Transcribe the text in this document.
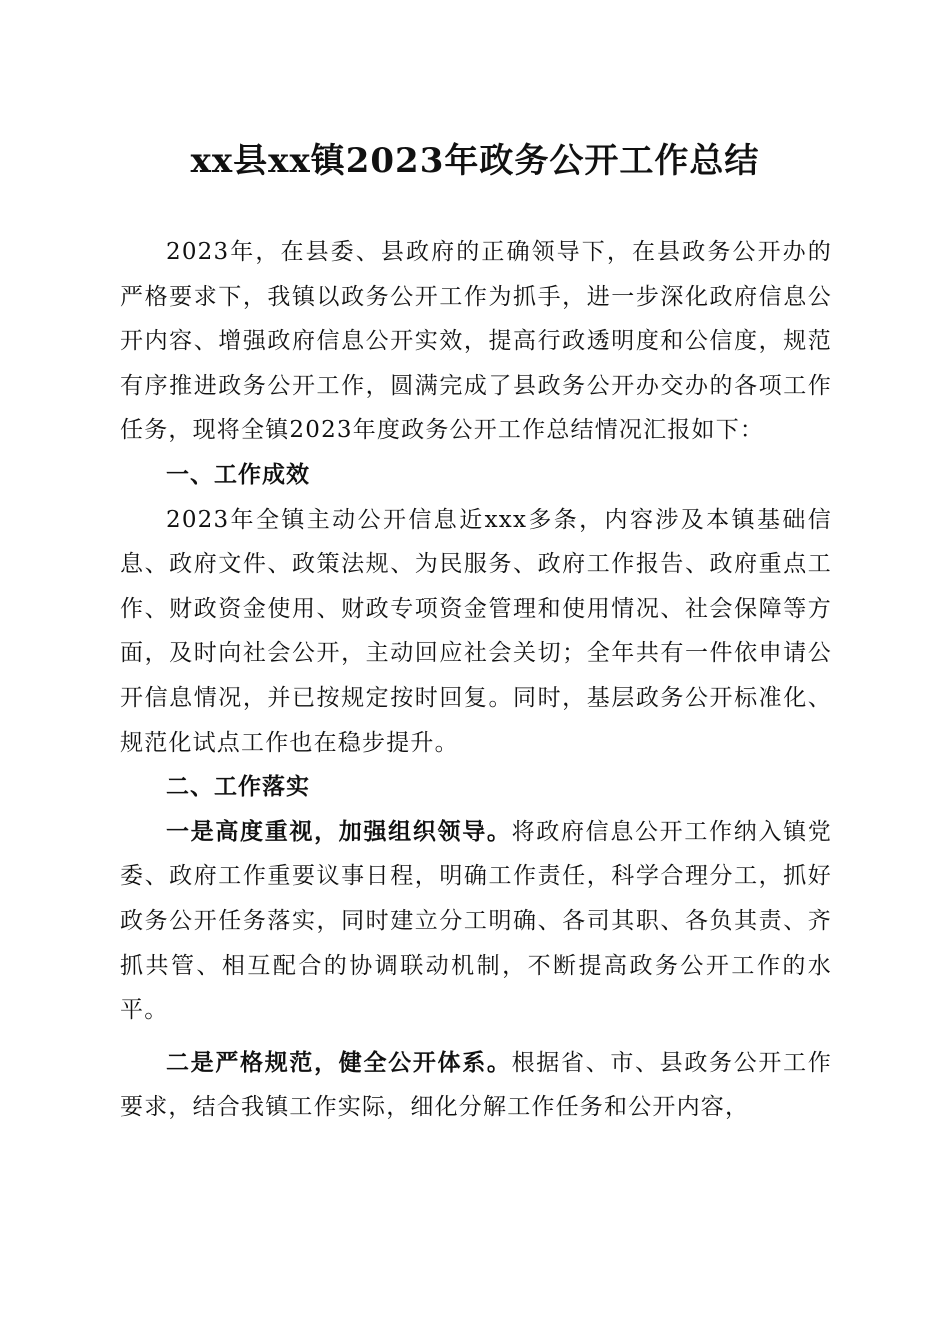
xx县xx镇2023年政务公开工作总结

2023年，在县委、县政府的正确领导下，在县政务公开办的严格要求下，我镇以政务公开工作为抓手，进一步深化政府信息公开内容、增强政府信息公开实效，提高行政透明度和公信度，规范有序推进政务公开工作，圆满完成了县政务公开办交办的各项工作任务，现将全镇2023年度政务公开工作总结情况汇报如下：

一、工作成效

2023年全镇主动公开信息近xxx多条，内容涉及本镇基础信息、政府文件、政策法规、为民服务、政府工作报告、政府重点工作、财政资金使用、财政专项资金管理和使用情况、社会保障等方面，及时向社会公开，主动回应社会关切；全年共有一件依申请公开信息情况，并已按规定按时回复。同时，基层政务公开标准化、规范化试点工作也在稳步提升。

二、工作落实

一是高度重视，加强组织领导。将政府信息公开工作纳入镇党委、政府工作重要议事日程，明确工作责任，科学合理分工，抓好政务公开任务落实，同时建立分工明确、各司其职、各负其责、齐抓共管、相互配合的协调联动机制，不断提高政务公开工作的水平。

二是严格规范，健全公开体系。根据省、市、县政务公开工作要求，结合我镇工作实际，细化分解工作任务和公开内容，
